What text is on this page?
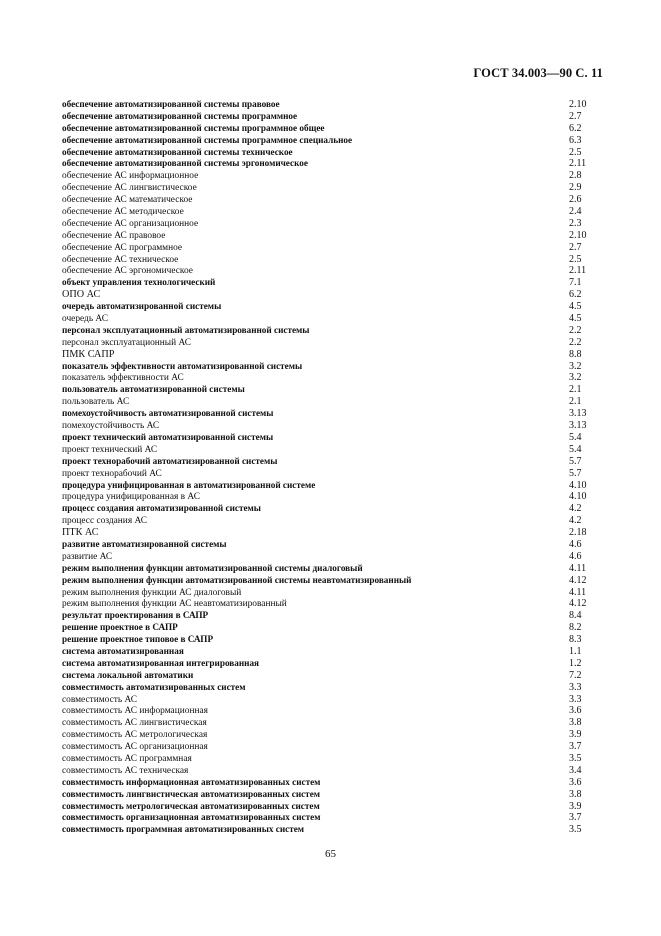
ГОСТ 34.003—90 С. 11
обеспечение автоматизированной системы правовое	2.10
обеспечение автоматизированной системы программное	2.7
обеспечение автоматизированной системы программное общее	6.2
обеспечение автоматизированной системы программное специальное	6.3
обеспечение автоматизированной системы техническое	2.5
обеспечение автоматизированной системы эргономическое	2.11
обеспечение АС информационное	2.8
обеспечение АС лингвистическое	2.9
обеспечение АС математическое	2.6
обеспечение АС методическое	2.4
обеспечение АС организационное	2.3
обеспечение АС правовое	2.10
обеспечение АС программное	2.7
обеспечение АС техническое	2.5
обеспечение АС эргономическое	2.11
объект управления технологический	7.1
ОПО АС	6.2
очередь автоматизированной системы	4.5
очередь АС	4.5
персонал эксплуатационный автоматизированной системы	2.2
персонал эксплуатационный АС	2.2
ПМК САПР	8.8
показатель эффективности автоматизированной системы	3.2
показатель эффективности АС	3.2
пользователь автоматизированной системы	2.1
пользователь АС	2.1
помехоустойчивость автоматизированной системы	3.13
помехоустойчивость АС	3.13
проект технический автоматизированной системы	5.4
проект технический АС	5.4
проект технорабочий автоматизированной системы	5.7
проект технорабочий АС	5.7
процедура унифицированная в автоматизированной системе	4.10
процедура унифицированная в АС	4.10
процесс создания автоматизированной системы	4.2
процесс создания АС	4.2
ПТК АС	2.18
развитие автоматизированной системы	4.6
развитие АС	4.6
режим выполнения функции автоматизированной системы диалоговый	4.11
режим выполнения функции автоматизированной системы неавтоматизированный	4.12
режим выполнения функции АС диалоговый	4.11
режим выполнения функции АС неавтоматизированный	4.12
результат проектирования в САПР	8.4
решение проектное в САПР	8.2
решение проектное типовое в САПР	8.3
система автоматизированная	1.1
система автоматизированная интегрированная	1.2
система локальной автоматики	7.2
совместимость автоматизированных систем	3.3
совместимость АС	3.3
совместимость АС информационная	3.6
совместимость АС лингвистическая	3.8
совместимость АС метрологическая	3.9
совместимость АС организационная	3.7
совместимость АС программная	3.5
совместимость АС техническая	3.4
совместимость информационная автоматизированных систем	3.6
совместимость лингвистическая автоматизированных систем	3.8
совместимость метрологическая автоматизированных систем	3.9
совместимость организационная автоматизированных систем	3.7
совместимость программная автоматизированных систем	3.5
65
